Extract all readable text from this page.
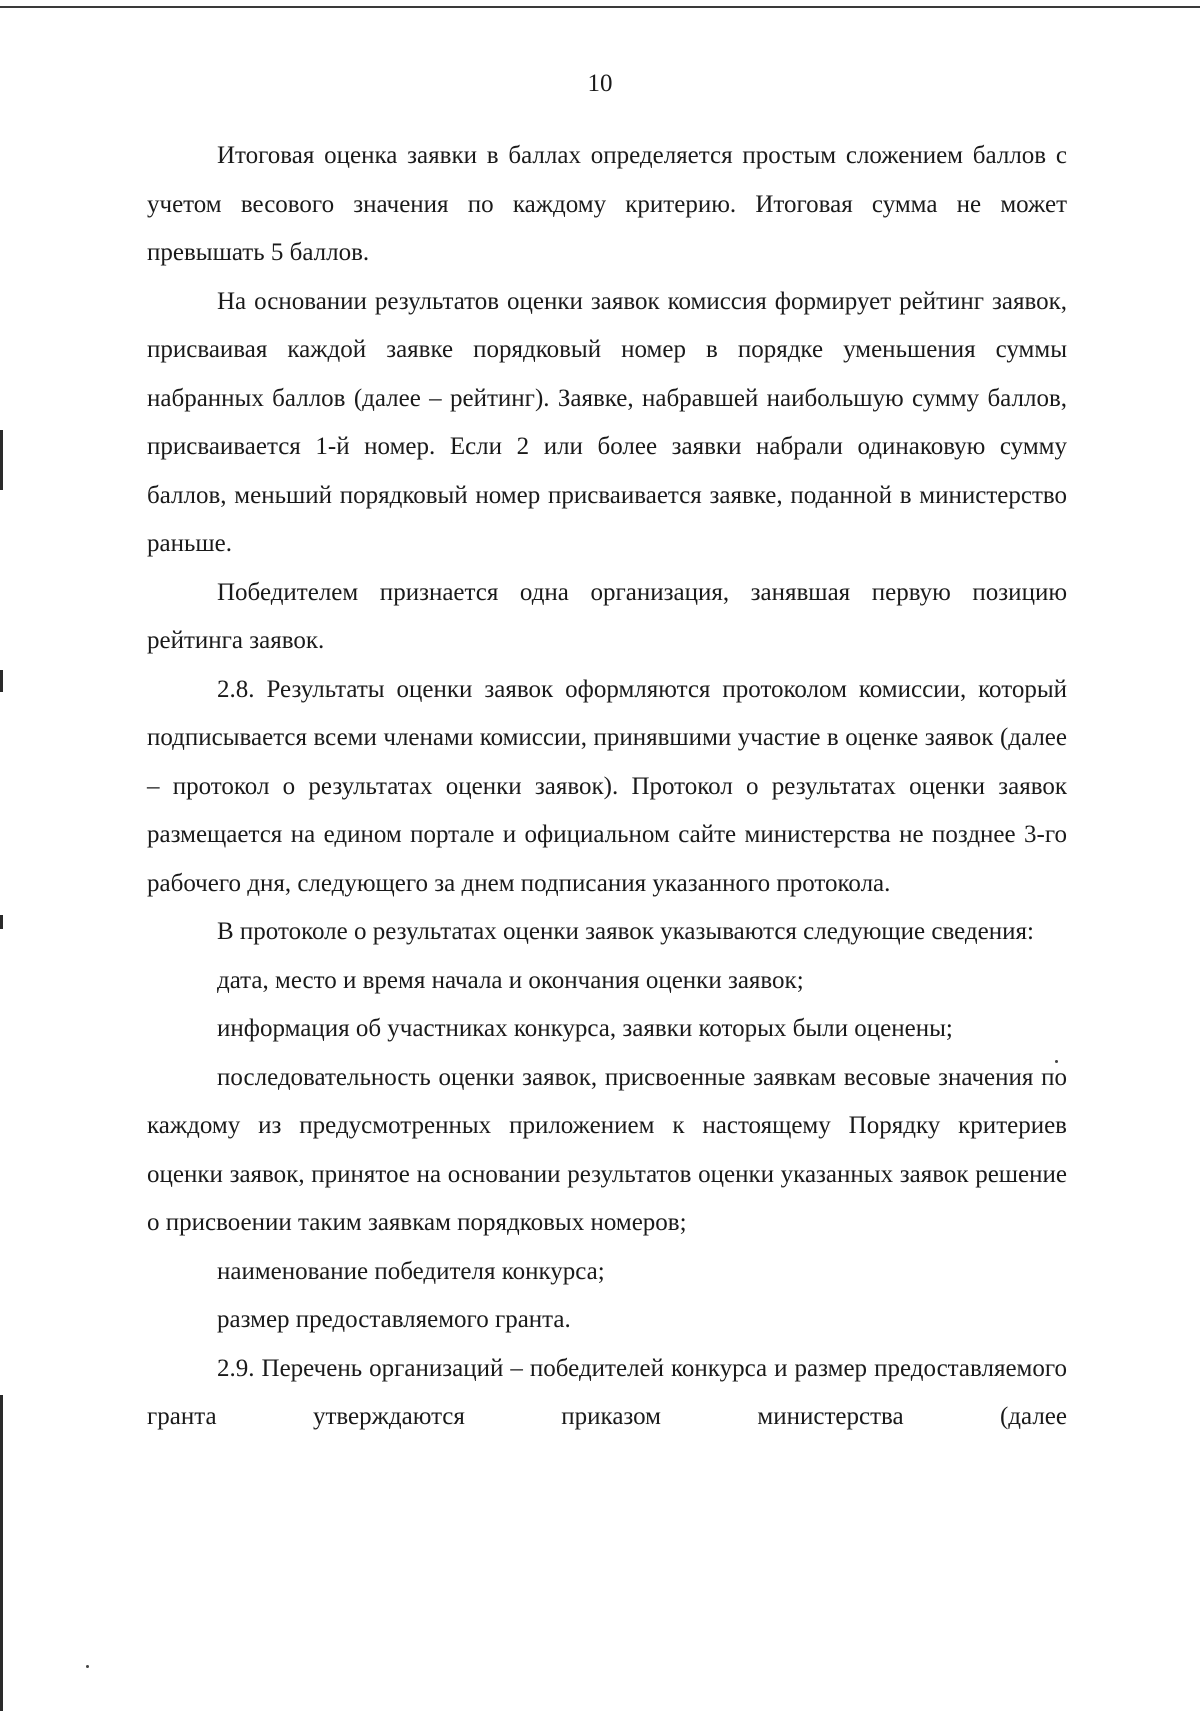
10

Итоговая оценка заявки в баллах определяется простым сложением баллов с учетом весового значения по каждому критерию. Итоговая сумма не может превышать 5 баллов.

На основании результатов оценки заявок комиссия формирует рейтинг заявок, присваивая каждой заявке порядковый номер в порядке уменьшения суммы набранных баллов (далее – рейтинг). Заявке, набравшей наибольшую сумму баллов, присваивается 1-й номер. Если 2 или более заявки набрали одинаковую сумму баллов, меньший порядковый номер присваивается заявке, поданной в министерство раньше.

Победителем признается одна организация, занявшая первую позицию рейтинга заявок.

2.8. Результаты оценки заявок оформляются протоколом комиссии, который подписывается всеми членами комиссии, принявшими участие в оценке заявок (далее – протокол о результатах оценки заявок). Протокол о результатах оценки заявок размещается на едином портале и официальном сайте министерства не позднее 3-го рабочего дня, следующего за днем подписания указанного протокола.

В протоколе о результатах оценки заявок указываются следующие сведения:

дата, место и время начала и окончания оценки заявок;

информация об участниках конкурса, заявки которых были оценены;

последовательность оценки заявок, присвоенные заявкам весовые значения по каждому из предусмотренных приложением к настоящему Порядку критериев оценки заявок, принятое на основании результатов оценки указанных заявок решение о присвоении таким заявкам порядковых номеров;

наименование победителя конкурса;

размер предоставляемого гранта.

2.9. Перечень организаций – победителей конкурса и размер предоставляемого гранта утверждаются приказом министерства (далее
